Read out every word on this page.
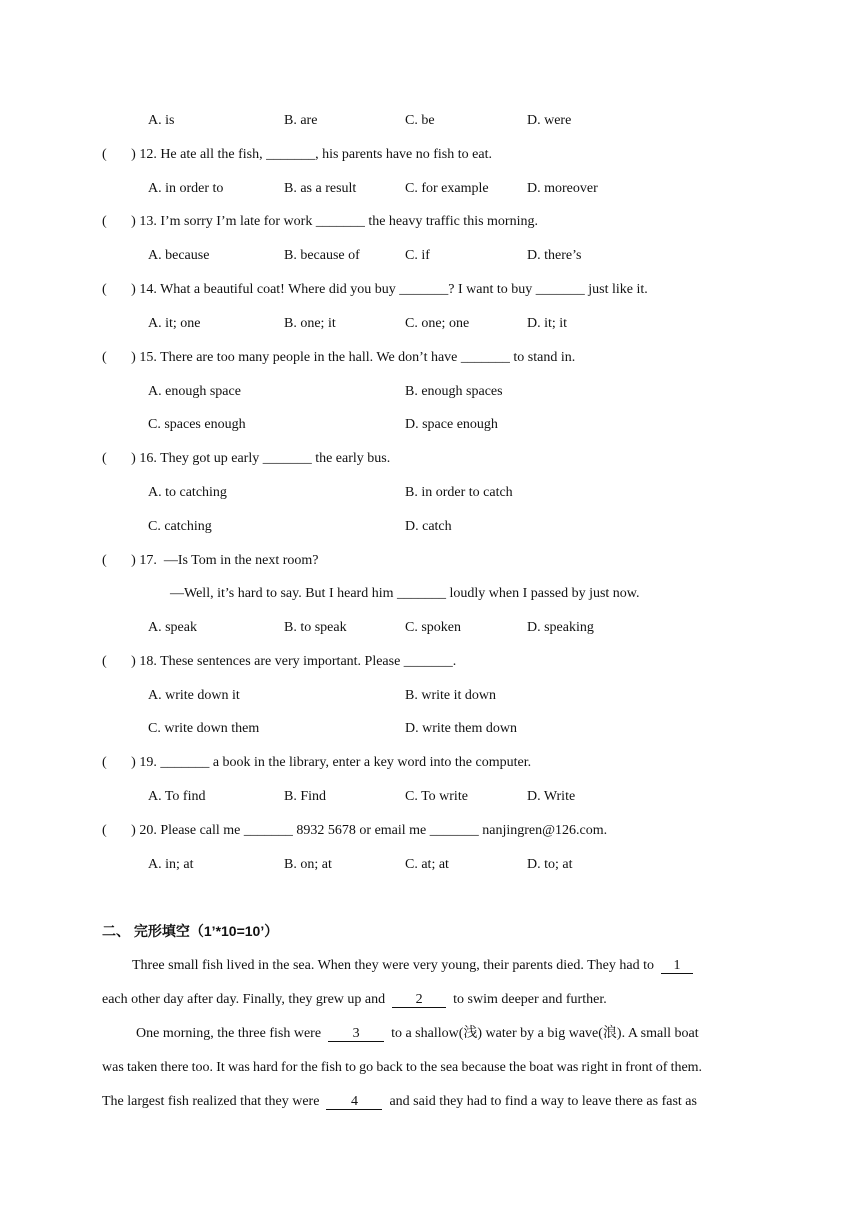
A. is	B. are	C. be	D. were
(       ) 12. He ate all the fish, _______, his parents have no fish to eat.
A. in order to	B. as a result	C. for example	D. moreover
(       ) 13. I’m sorry I’m late for work _______ the heavy traffic this morning.
A. because	B. because of	C. if	D. there’s
(       ) 14. What a beautiful coat! Where did you buy _______? I want to buy _______ just like it.
A. it; one	B. one; it	C. one; one	D. it; it
(       ) 15. There are too many people in the hall. We don’t have _______ to stand in.
A. enough space	B. enough spaces
C. spaces enough	D. space enough
(       ) 16. They got up early _______ the early bus.
A. to catching	B. in order to catch
C. catching	D. catch
(       ) 17.  —Is Tom in the next room?
—Well, it’s hard to say. But I heard him _______ loudly when I passed by just now.
A. speak	B. to speak	C. spoken	D. speaking
(       ) 18. These sentences are very important. Please _______.
A. write down it	B. write it down
C. write down them	D. write them down
(       ) 19. _______ a book in the library, enter a key word into the computer.
A. To find	B. Find	C. To write	D. Write
(       ) 20. Please call me _______ 8932 5678 or email me _______ nanjingren@126.com.
A. in; at	B. on; at	C. at; at	D. to; at
二、 完形填空（1’*10=10’）
Three small fish lived in the sea. When they were very young, their parents died. They had to  1
each other day after day. Finally, they grew up and  2  to swim deeper and further.
One morning, the three fish were  3  to a shallow(浅) water by a big wave(浪). A small boat
was taken there too. It was hard for the fish to go back to the sea because the boat was right in front of them.
The largest fish realized that they were  4  and said they had to find a way to leave there as fast as
